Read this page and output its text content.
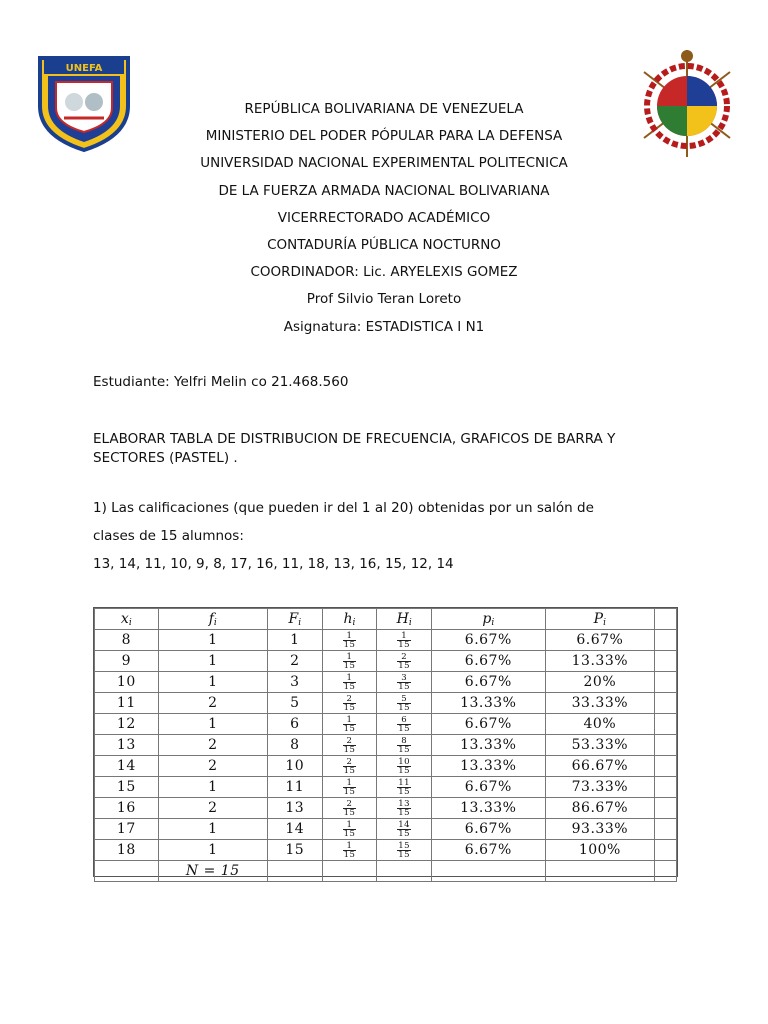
UNEFA
REPÚBLICA BOLIVARIANA DE VENEZUELA
MINISTERIO DEL PODER PÓPULAR PARA LA DEFENSA
UNIVERSIDAD NACIONAL EXPERIMENTAL POLITECNICA
DE LA FUERZA ARMADA NACIONAL BOLIVARIANA
VICERRECTORADO ACADÉMICO
CONTADURÍA PÚBLICA NOCTURNO
COORDINADOR: Lic. ARYELEXIS GOMEZ
Prof Silvio Teran Loreto
Asignatura: ESTADISTICA I N1
Estudiante: Yelfri Melin co 21.468.560
ELABORAR TABLA DE DISTRIBUCION DE FRECUENCIA, GRAFICOS DE BARRA Y SECTORES (PASTEL) .
1) Las calificaciones (que pueden ir del 1 al 20) obtenidas por un salón de
clases de 15 alumnos:
13, 14, 11, 10, 9, 8, 17, 16, 11, 18, 13, 16, 15, 12, 14
$x_i$	$f_i$	$F_i$	$h_i$	$H_i$	$p_i$	$P_i$	
8	1	1	$\frac{1}{15}$	$\frac{1}{15}$	6.67%	6.67%	
9	1	2	$\frac{1}{15}$	$\frac{2}{15}$	6.67%	13.33%	
10	1	3	$\frac{1}{15}$	$\frac{3}{15}$	6.67%	20%	
11	2	5	$\frac{2}{15}$	$\frac{5}{15}$	13.33%	33.33%	
12	1	6	$\frac{1}{15}$	$\frac{6}{15}$	6.67%	40%	
13	2	8	$\frac{2}{15}$	$\frac{8}{15}$	13.33%	53.33%	
14	2	10	$\frac{2}{15}$	$\frac{10}{15}$	13.33%	66.67%	
15	1	11	$\frac{1}{15}$	$\frac{11}{15}$	6.67%	73.33%	
16	2	13	$\frac{2}{15}$	$\frac{13}{15}$	13.33%	86.67%	
17	1	14	$\frac{1}{15}$	$\frac{14}{15}$	6.67%	93.33%	
18	1	15	$\frac{1}{15}$	$\frac{15}{15}$	6.67%	100%	
	N = 15						
